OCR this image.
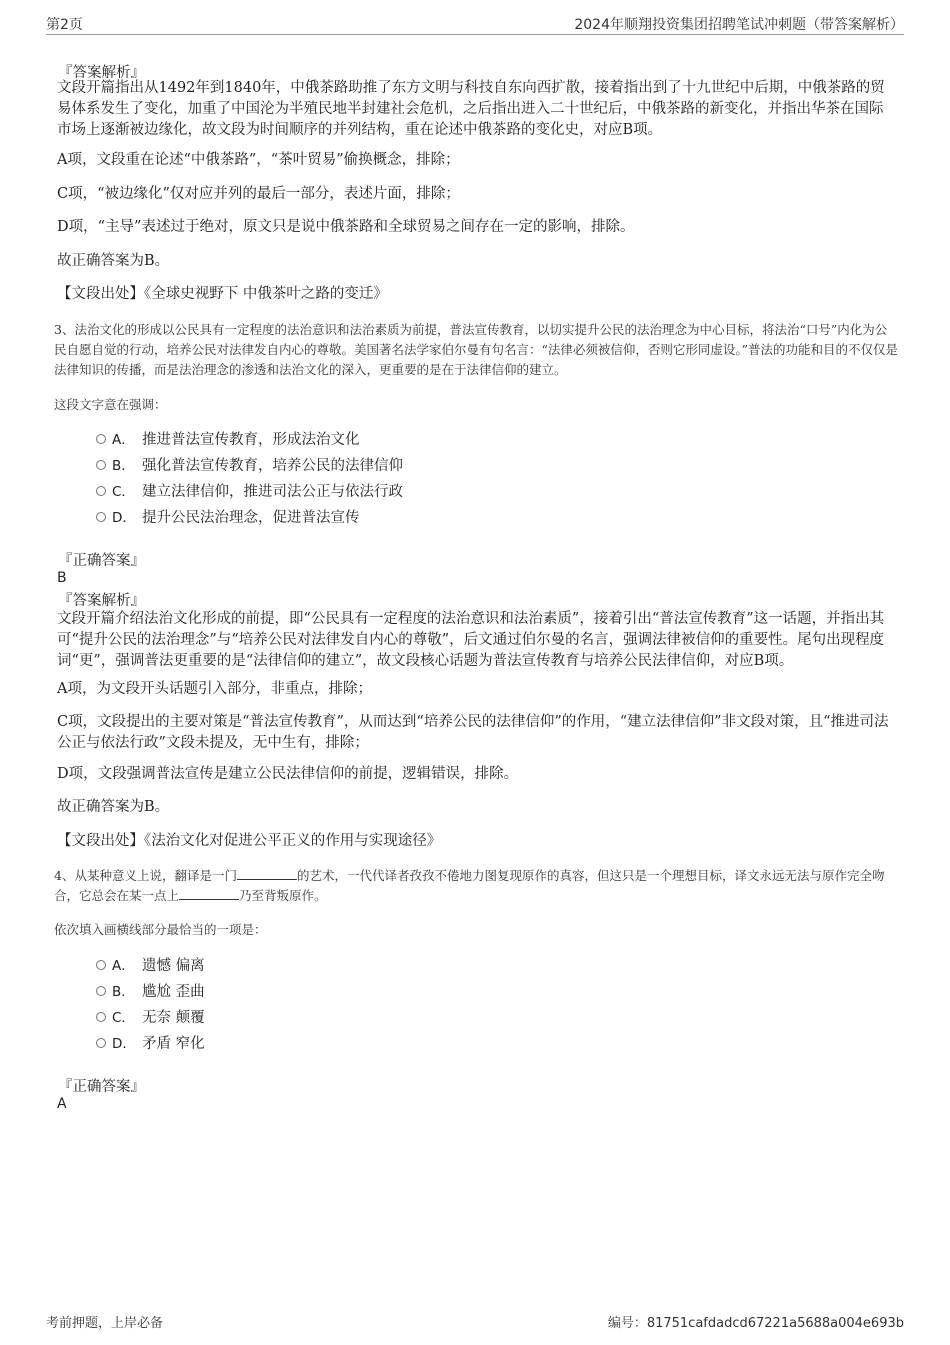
第2页	2024年顺翔投资集团招聘笔试冲刺题（带答案解析）

『答案解析』

文段开篇指出从1492年到1840年，中俄茶路助推了东方文明与科技自东向西扩散，接着指出到了十九世纪中后期，中俄茶路的贸易体系发生了变化，加重了中国沦为半殖民地半封建社会危机，之后指出进入二十世纪后，中俄茶路的新变化，并指出华茶在国际市场上逐渐被边缘化，故文段为时间顺序的并列结构，重在论述中俄茶路的变化史，对应B项。

A项，文段重在论述“中俄茶路”，“茶叶贸易”偷换概念，排除；

C项，“被边缘化”仅对应并列的最后一部分，表述片面，排除；

D项，“主导”表述过于绝对，原文只是说中俄茶路和全球贸易之间存在一定的影响，排除。

故正确答案为B。

【文段出处】《全球史视野下 中俄茶叶之路的变迁》

3、法治文化的形成以公民具有一定程度的法治意识和法治素质为前提，普法宣传教育，以切实提升公民的法治理念为中心目标，将法治“口号”内化为公民自愿自觉的行动，培养公民对法律发自内心的尊敬。美国著名法学家伯尔曼有句名言：“法律必须被信仰，否则它形同虚设。”普法的功能和目的不仅仅是法律知识的传播，而是法治理念的渗透和法治文化的深入，更重要的是在于法律信仰的建立。

这段文字意在强调：

A． 推进普法宣传教育，形成法治文化
B． 强化普法宣传教育，培养公民的法律信仰
C． 建立法律信仰，推进司法公正与依法行政
D． 提升公民法治理念，促进普法宣传

『正确答案』

B

『答案解析』

文段开篇介绍法治文化形成的前提，即“公民具有一定程度的法治意识和法治素质”，接着引出“普法宣传教育”这一话题，并指出其可“提升公民的法治理念”与“培养公民对法律发自内心的尊敬”，后文通过伯尔曼的名言，强调法律被信仰的重要性。尾句出现程度词“更”，强调普法更重要的是“法律信仰的建立”，故文段核心话题为普法宣传教育与培养公民法律信仰，对应B项。

A项，为文段开头话题引入部分，非重点，排除；

C项，文段提出的主要对策是“普法宣传教育”，从而达到“培养公民的法律信仰”的作用，“建立法律信仰”非文段对策，且“推进司法公正与依法行政”文段未提及，无中生有，排除；

D项，文段强调普法宣传是建立公民法律信仰的前提，逻辑错误，排除。

故正确答案为B。

【文段出处】《法治文化对促进公平正义的作用与实现途径》

4、从某种意义上说，翻译是一门	的艺术，一代代译者孜孜不倦地力图复现原作的真容，但这只是一个理想目标，译文永远无法与原作完全吻合，它总会在某一点上	乃至背叛原作。

依次填入画横线部分最恰当的一项是：

A． 遗憾 偏离
B． 尴尬 歪曲
C． 无奈 颠覆
D． 矛盾 窄化

『正确答案』

A

考前押题，上岸必备	编号：81751cafdadcd67221a5688a004e693b
